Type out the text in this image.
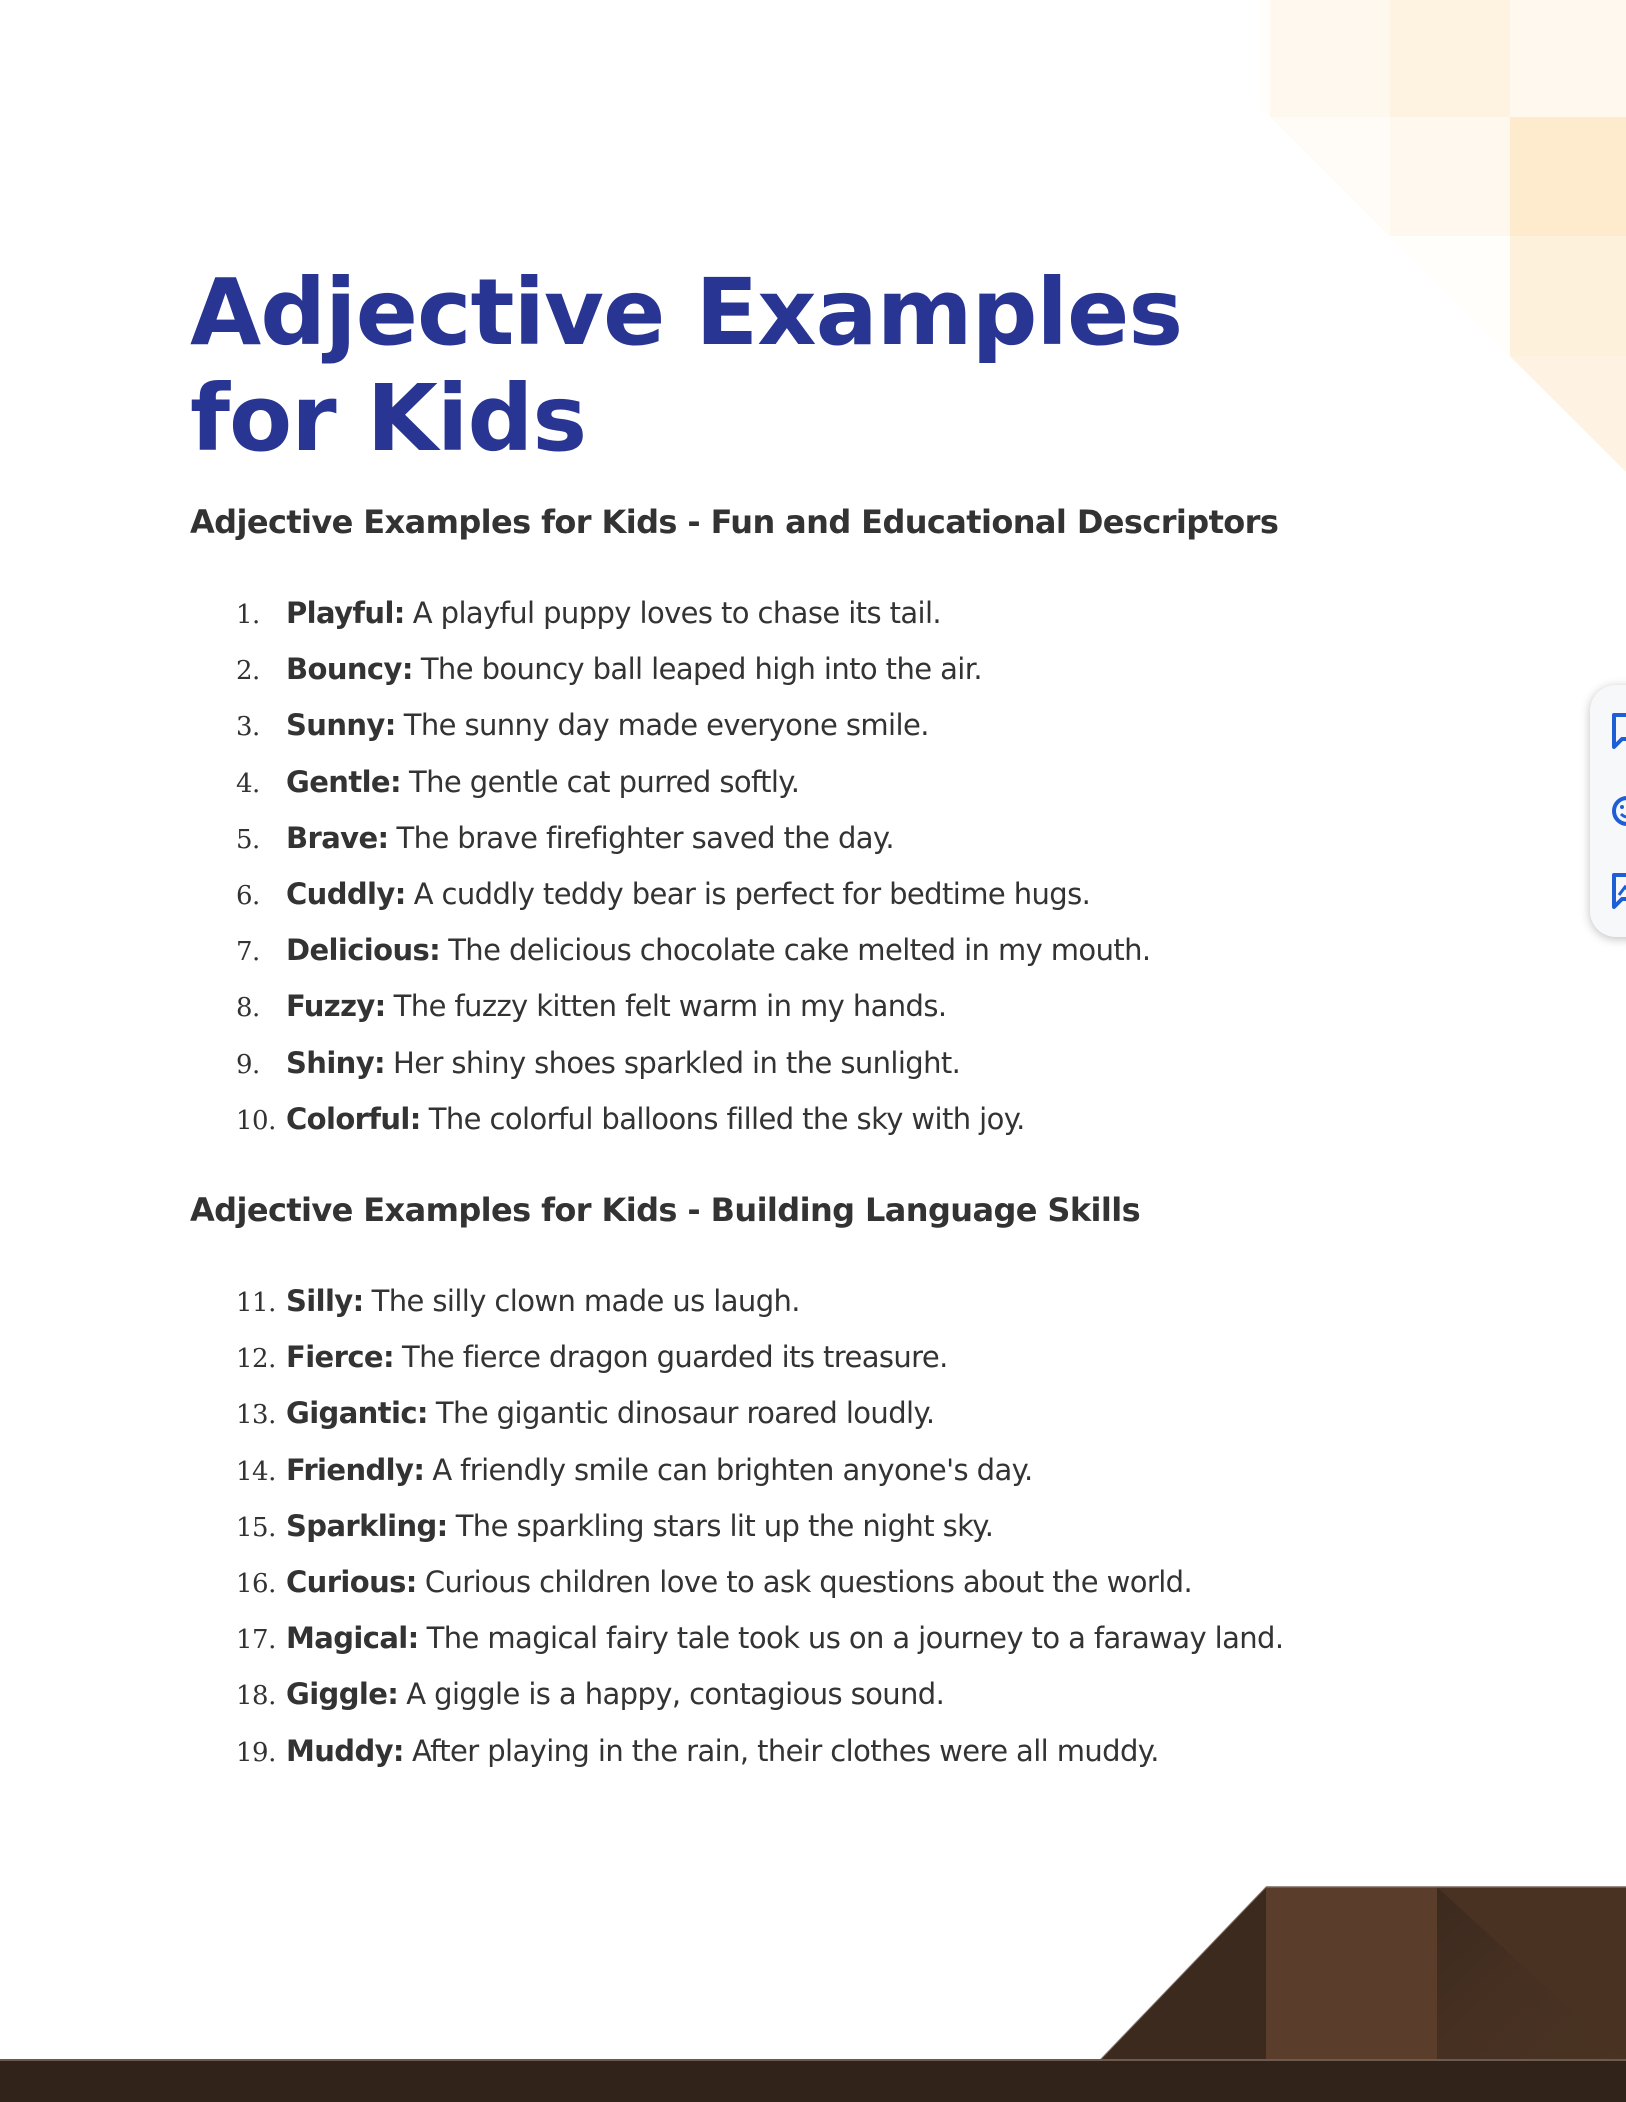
Adjective Examples for Kids
Adjective Examples for Kids - Fun and Educational Descriptors
1. Playful: A playful puppy loves to chase its tail.
2. Bouncy: The bouncy ball leaped high into the air.
3. Sunny: The sunny day made everyone smile.
4. Gentle: The gentle cat purred softly.
5. Brave: The brave firefighter saved the day.
6. Cuddly: A cuddly teddy bear is perfect for bedtime hugs.
7. Delicious: The delicious chocolate cake melted in my mouth.
8. Fuzzy: The fuzzy kitten felt warm in my hands.
9. Shiny: Her shiny shoes sparkled in the sunlight.
10. Colorful: The colorful balloons filled the sky with joy.
Adjective Examples for Kids - Building Language Skills
11. Silly: The silly clown made us laugh.
12. Fierce: The fierce dragon guarded its treasure.
13. Gigantic: The gigantic dinosaur roared loudly.
14. Friendly: A friendly smile can brighten anyone's day.
15. Sparkling: The sparkling stars lit up the night sky.
16. Curious: Curious children love to ask questions about the world.
17. Magical: The magical fairy tale took us on a journey to a faraway land.
18. Giggle: A giggle is a happy, contagious sound.
19. Muddy: After playing in the rain, their clothes were all muddy.
